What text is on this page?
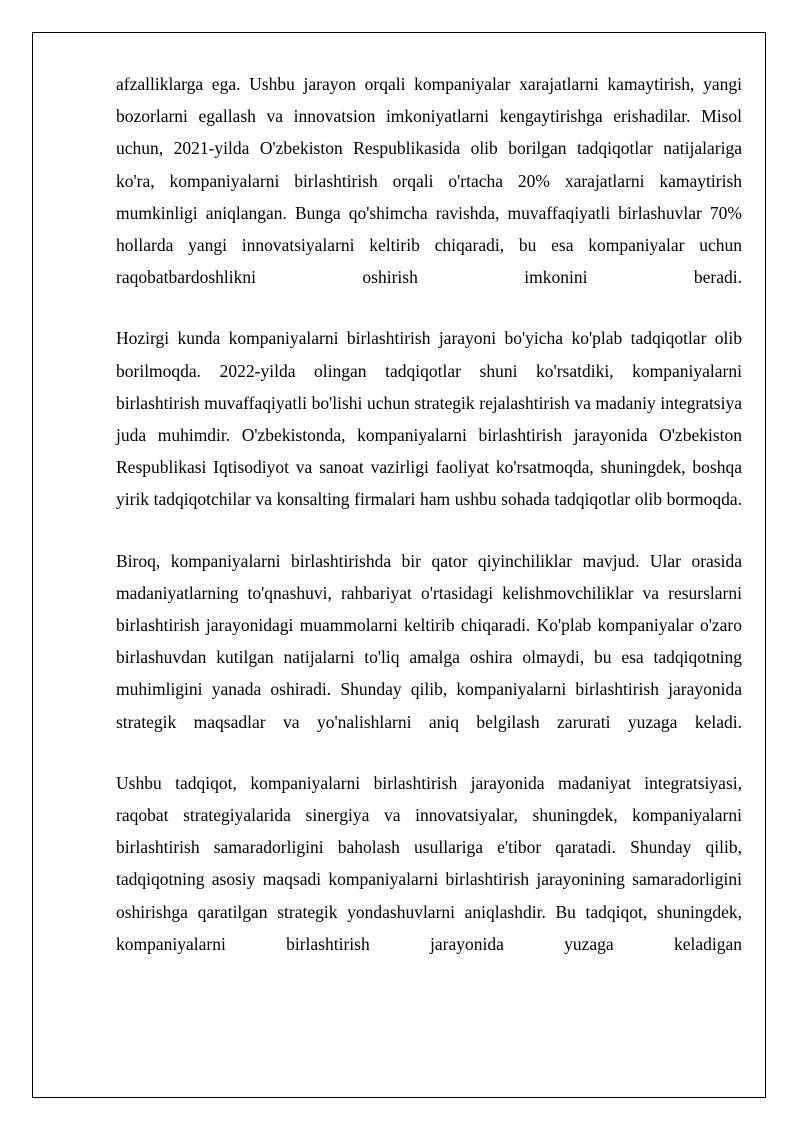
afzalliklarga ega. Ushbu jarayon orqali kompaniyalar xarajatlarni kamaytirish, yangi bozorlarni egallash va innovatsion imkoniyatlarni kengaytirishga erishadilar. Misol uchun, 2021-yilda O'zbekiston Respublikasida olib borilgan tadqiqotlar natijalariga ko'ra, kompaniyalarni birlashtirish orqali o'rtacha 20% xarajatlarni kamaytirish mumkinligi aniqlangan. Bunga qo'shimcha ravishda, muvaffaqiyatli birlashuvlar 70% hollarda yangi innovatsiyalarni keltirib chiqaradi, bu esa kompaniyalar uchun raqobatbardoshlikni oshirish imkonini beradi.

Hozirgi kunda kompaniyalarni birlashtirish jarayoni bo'yicha ko'plab tadqiqotlar olib borilmoqda. 2022-yilda olingan tadqiqotlar shuni ko'rsatdiki, kompaniyalarni birlashtirish muvaffaqiyatli bo'lishi uchun strategik rejalashtirish va madaniy integratsiya juda muhimdir. O'zbekistonda, kompaniyalarni birlashtirish jarayonida O'zbekiston Respublikasi Iqtisodiyot va sanoat vazirligi faoliyat ko'rsatmoqda, shuningdek, boshqa yirik tadqiqotchilar va konsalting firmalari ham ushbu sohada tadqiqotlar olib bormoqda.

Biroq, kompaniyalarni birlashtirishda bir qator qiyinchiliklar mavjud. Ular orasida madaniyatlarning to'qnashuvi, rahbariyat o'rtasidagi kelishmovchiliklar va resurslarni birlashtirish jarayonidagi muammolarni keltirib chiqaradi. Ko'plab kompaniyalar o'zaro birlashuvdan kutilgan natijalarni to'liq amalga oshira olmaydi, bu esa tadqiqotning muhimligini yanada oshiradi. Shunday qilib, kompaniyalarni birlashtirish jarayonida strategik maqsadlar va yo'nalishlarni aniq belgilash zarurati yuzaga keladi.

Ushbu tadqiqot, kompaniyalarni birlashtirish jarayonida madaniyat integratsiyasi, raqobat strategiyalarida sinergiya va innovatsiyalar, shuningdek, kompaniyalarni birlashtirish samaradorligini baholash usullariga e'tibor qaratadi. Shunday qilib, tadqiqotning asosiy maqsadi kompaniyalarni birlashtirish jarayonining samaradorligini oshirishga qaratilgan strategik yondashuvlarni aniqlashdir. Bu tadqiqot, shuningdek, kompaniyalarni birlashtirish jarayonida yuzaga keladigan
